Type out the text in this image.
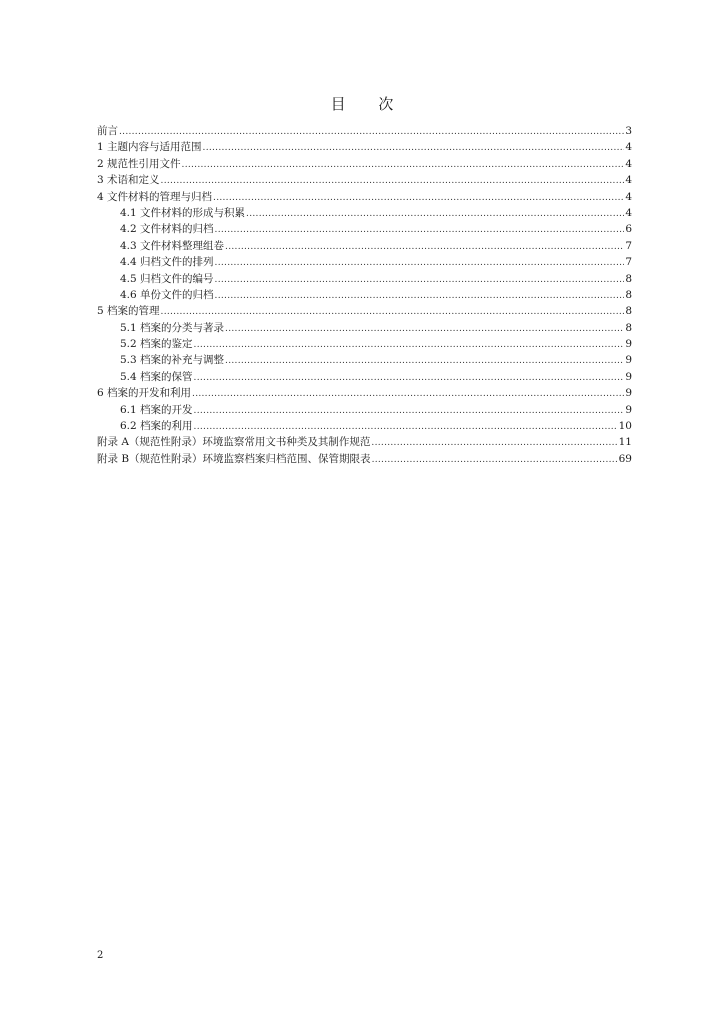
目 次
前言 .....	3
1 主题内容与适用范围 .....	4
2 规范性引用文件 .....	4
3 术语和定义 .....	4
4 文件材料的管理与归档 .....	4
4.1 文件材料的形成与积累 .....	4
4.2 文件材料的归档 .....	6
4.3 文件材料整理组卷 .....	7
4.4 归档文件的排列 .....	7
4.5 归档文件的编号 .....	8
4.6 单份文件的归档 .....	8
5 档案的管理 .....	8
5.1 档案的分类与著录 .....	8
5.2 档案的鉴定 .....	9
5.3 档案的补充与调整 .....	9
5.4 档案的保管 .....	9
6 档案的开发和利用 .....	9
6.1 档案的开发 .....	9
6.2 档案的利用 .....	10
附录 A（规范性附录）环境监察常用文书种类及其制作规范 .....	11
附录 B（规范性附录）环境监察档案归档范围、保管期限表 .....	69
2
